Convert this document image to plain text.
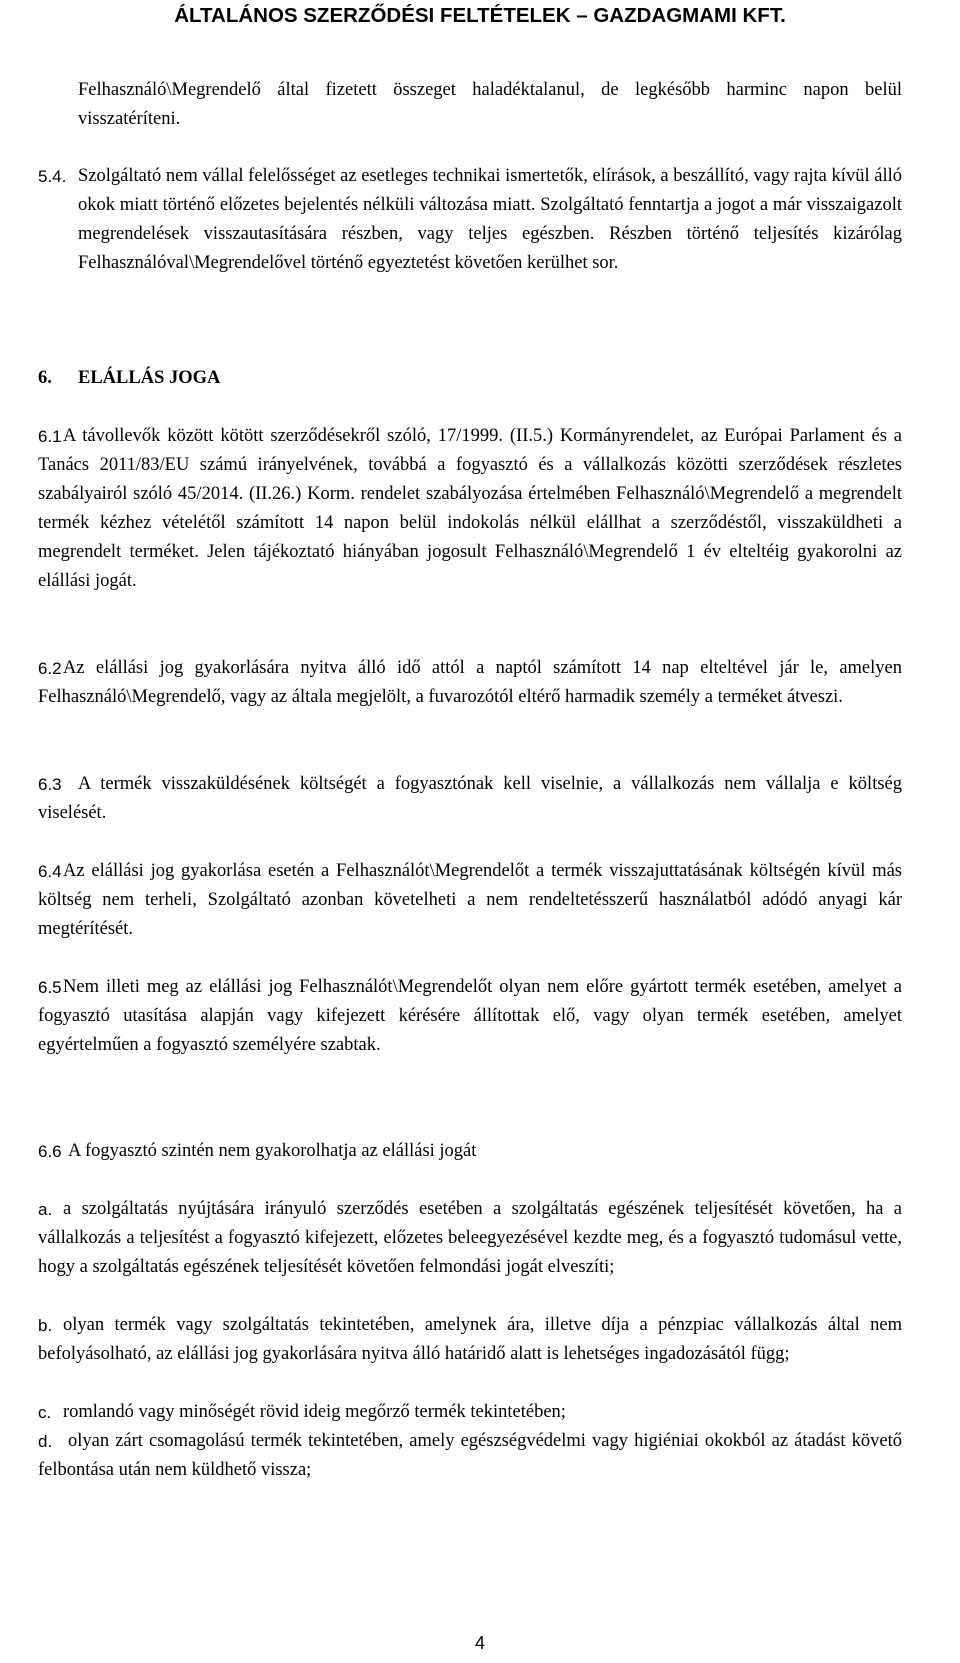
ÁLTALÁNOS SZERZŐDÉSI FELTÉTELEK – GAZDAGMAMI KFT.
Felhasználó\Megrendelő által fizetett összeget haladéktalanul, de legkésőbb harminc napon belül visszatéríteni.
5.4. Szolgáltató nem vállal felelősséget az esetleges technikai ismertetők, elírások, a beszállító, vagy rajta kívül álló okok miatt történő előzetes bejelentés nélküli változása miatt. Szolgáltató fenntartja a jogot a már visszaigazolt megrendelések visszautasítására részben, vagy teljes egészben. Részben történő teljesítés kizárólag Felhasználóval\Megrendelővel történő egyeztetést követően kerülhet sor.
6. ELÁLLÁS JOGA
6.1 A távollevők között kötött szerződésekről szóló, 17/1999. (II.5.) Kormányrendelet, az Európai Parlament és a Tanács 2011/83/EU számú irányelvének, továbbá a fogyasztó és a vállalkozás közötti szerződések részletes szabályairól szóló 45/2014. (II.26.) Korm. rendelet szabályozása értelmében Felhasználó\Megrendelő a megrendelt termék kézhez vételétől számított 14 napon belül indokolás nélkül elállhat a szerződéstől, visszaküldheti a megrendelt terméket. Jelen tájékoztató hiányában jogosult Felhasználó\Megrendelő 1 év elteltéig gyakorolni az elállási jogát.
6.2 Az elállási jog gyakorlására nyitva álló idő attól a naptól számított 14 nap elteltével jár le, amelyen Felhasználó\Megrendelő, vagy az általa megjelölt, a fuvarozótól eltérő harmadik személy a terméket átveszi.
6.3 A termék visszaküldésének költségét a fogyasztónak kell viselnie, a vállalkozás nem vállalja e költség viselését.
6.4 Az elállási jog gyakorlása esetén a Felhasználót\Megrendelőt a termék visszajuttatásának költségén kívül más költség nem terheli, Szolgáltató azonban követelheti a nem rendeltetésszerű használatból adódó anyagi kár megtérítését.
6.5 Nem illeti meg az elállási jog Felhasználót\Megrendelőt olyan nem előre gyártott termék esetében, amelyet a fogyasztó utasítása alapján vagy kifejezett kérésére állítottak elő, vagy olyan termék esetében, amelyet egyértelműen a fogyasztó személyére szabtak.
6.6 A fogyasztó szintén nem gyakorolhatja az elállási jogát
a. a szolgáltatás nyújtására irányuló szerződés esetében a szolgáltatás egészének teljesítését követően, ha a vállalkozás a teljesítést a fogyasztó kifejezett, előzetes beleegyezésével kezdte meg, és a fogyasztó tudomásul vette, hogy a szolgáltatás egészének teljesítését követően felmondási jogát elveszíti;
b. olyan termék vagy szolgáltatás tekintetében, amelynek ára, illetve díja a pénzpiac vállalkozás által nem befolyásolható, az elállási jog gyakorlására nyitva álló határidő alatt is lehetséges ingadozásától függ;
c. romlandó vagy minőségét rövid ideig megőrző termék tekintetében;
d. olyan zárt csomagolású termék tekintetében, amely egészségvédelmi vagy higiéniai okokból az átadást követő felbontása után nem küldhető vissza;
4
